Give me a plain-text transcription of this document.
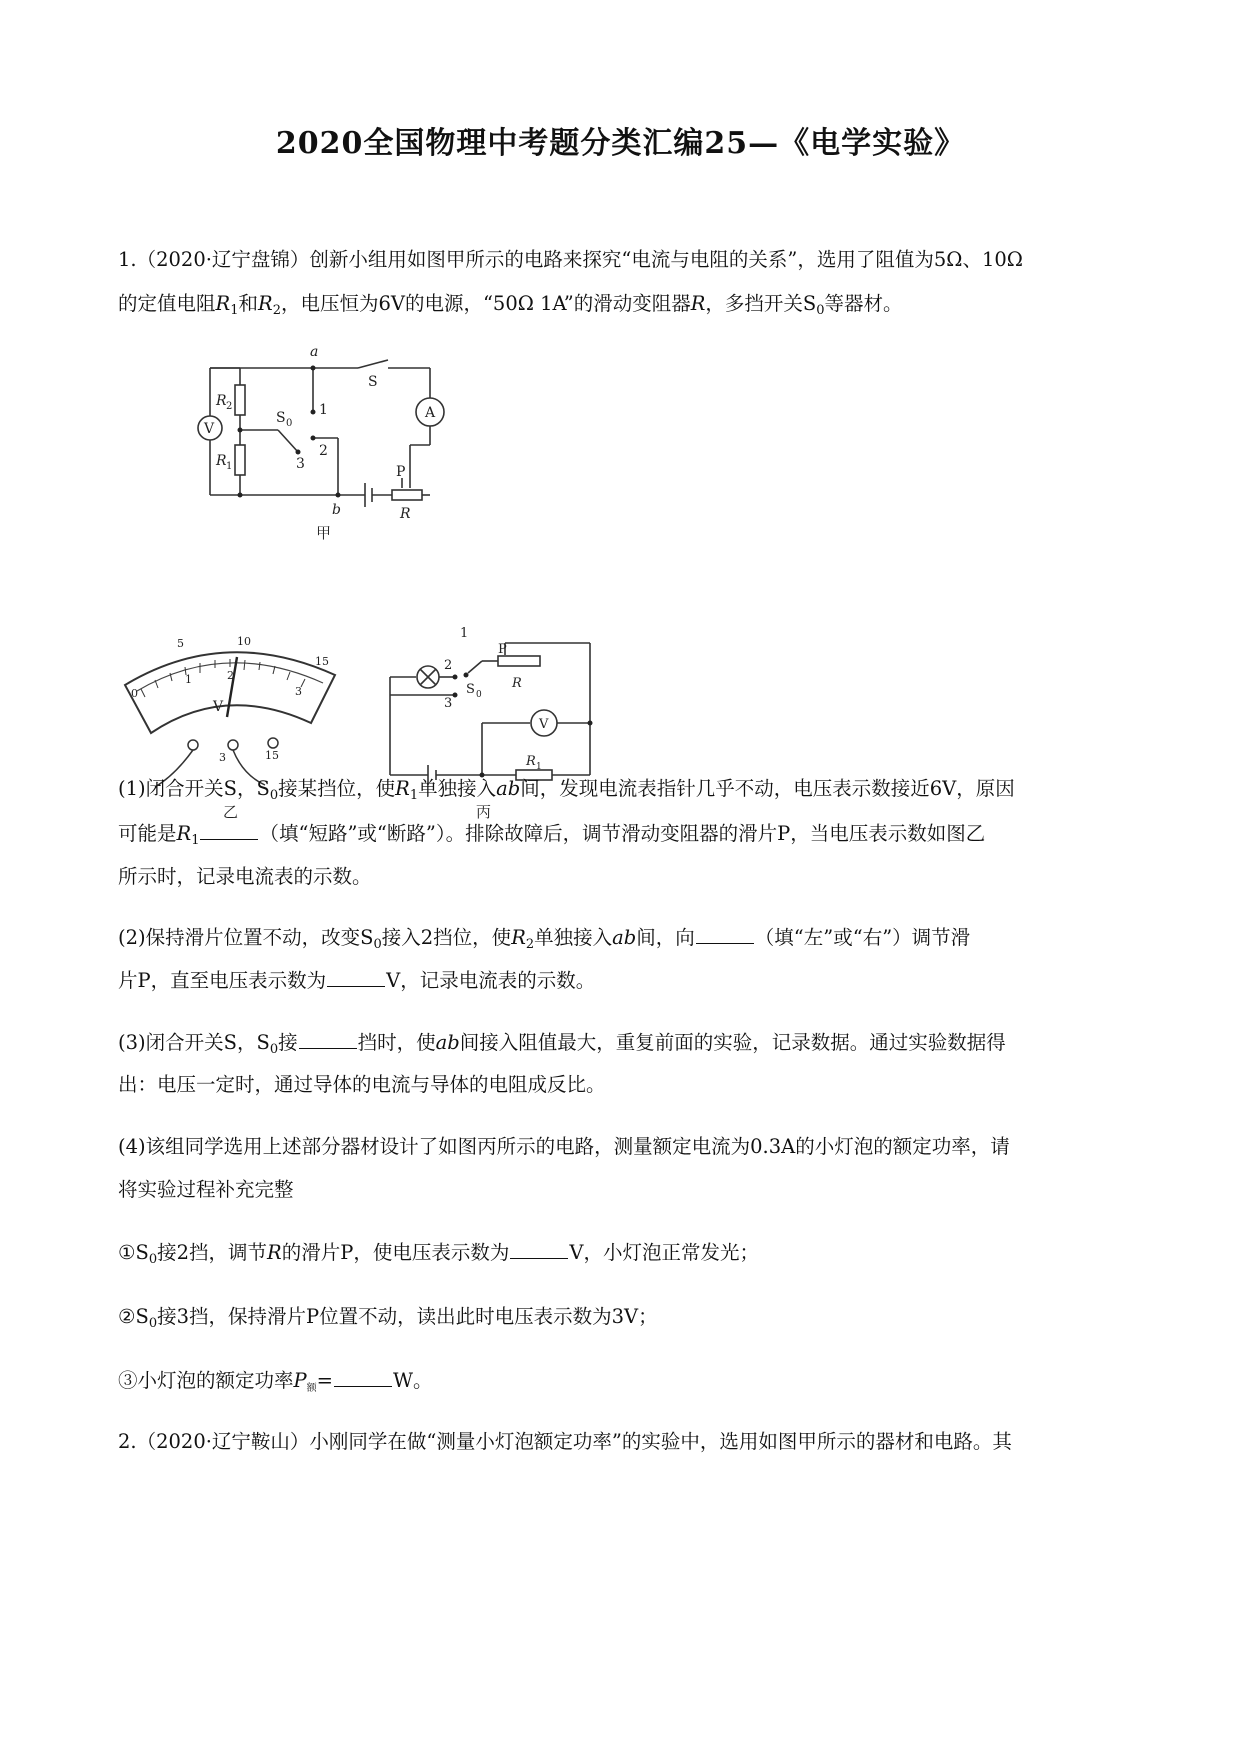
2020全国物理中考题分类汇编25—《电学实验》
1.（2020·辽宁盘锦）创新小组用如图甲所示的电路来探究“电流与电阻的关系”，选用了阻值为5Ω、10Ω
的定值电阻$R_1$和$R_2$，电压恒为6V的电源，“50Ω 1A”的滑动变阻器R，多挡开关$S_0$等器材。
a
S
A
V
R 2
R 1
S 0
1
2
3
b
P
R
甲
0
5	10
15
1	2
3
V
3	15
乙
1
2
3
S 0
P
R
V
R 1
丙
(1)闭合开关S，$S_0$接某挡位，使$R_1$单独接入ab间，发现电流表指针几乎不动，电压表示数接近6V，原因
可能是$R_1$	（填“短路”或“断路”）。排除故障后，调节滑动变阻器的滑片P，当电压表示数如图乙
所示时，记录电流表的示数。
(2)保持滑片位置不动，改变$S_0$接入2挡位，使$R_2$单独接入ab间，向	（填“左”或“右”）调节滑
片P，直至电压表示数为	V，记录电流表的示数。
(3)闭合开关S，$S_0$接	挡时，使ab间接入阻值最大，重复前面的实验，记录数据。通过实验数据得
出：电压一定时，通过导体的电流与导体的电阻成反比。
(4)该组同学选用上述部分器材设计了如图丙所示的电路，测量额定电流为0.3A的小灯泡的额定功率，请
将实验过程补充完整
$①S_0$接2挡，调节R的滑片P，使电压表示数为	V，小灯泡正常发光；
$②S_0$接3挡，保持滑片P位置不动，读出此时电压表示数为3V；
③小灯泡的额定功率$P_额=$	W。
2.（2020·辽宁鞍山）小刚同学在做“测量小灯泡额定功率”的实验中，选用如图甲所示的器材和电路。其
